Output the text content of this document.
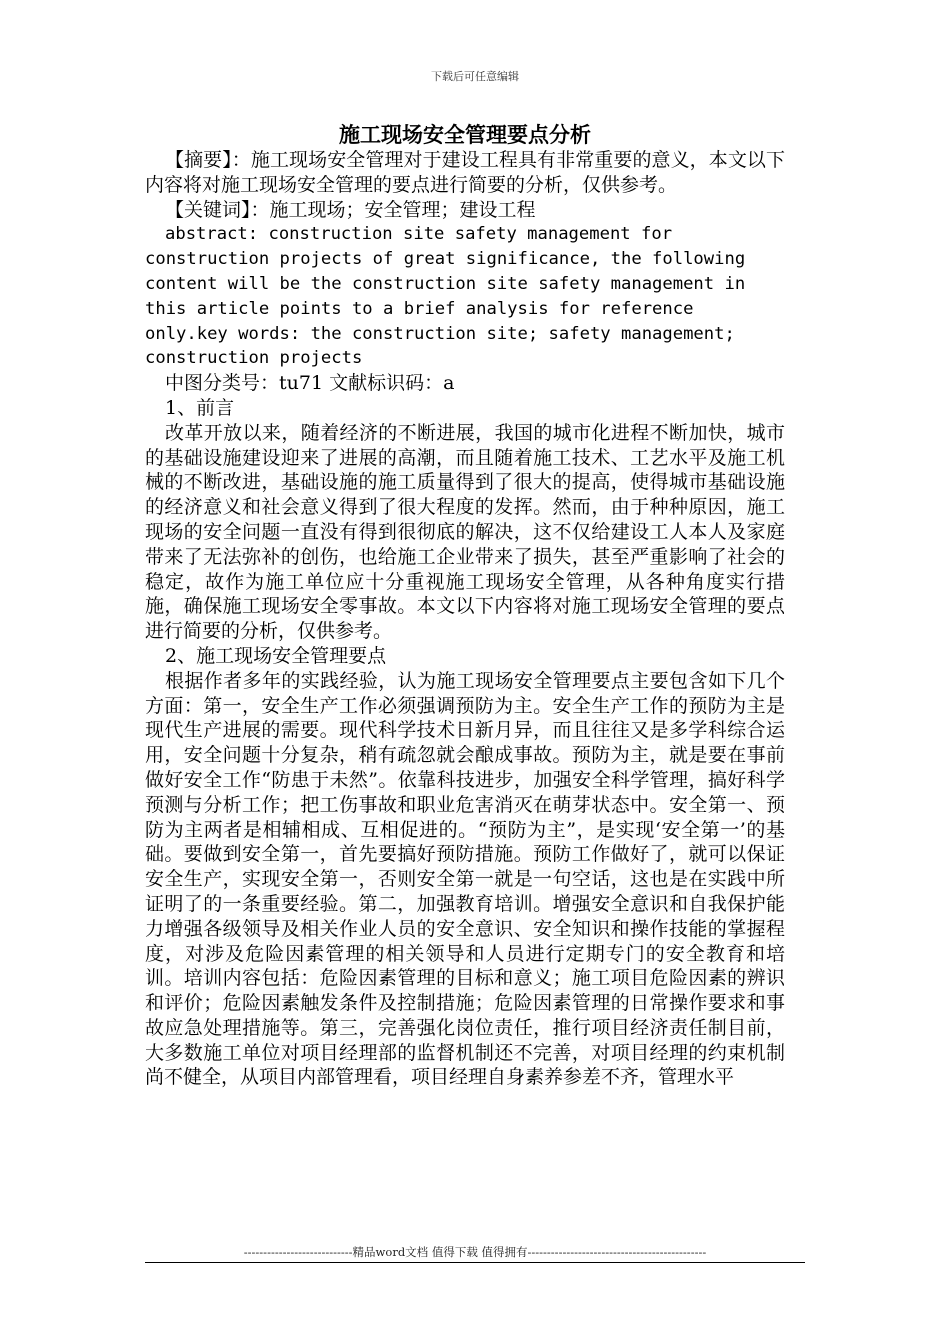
下载后可任意编辑
施工现场安全管理要点分析

【摘要】：施工现场安全管理对于建设工程具有非常重要的意义，本文以下内容将对施工现场安全管理的要点进行简要的分析，仅供参考。

【关键词】：施工现场；安全管理；建设工程

abstract: construction site safety management for construction projects of great significance, the following content will be the construction site safety management in this article points to a brief analysis for reference only.key words: the construction site; safety management; construction projects

中图分类号：tu71 文献标识码：a

1、前言

改革开放以来，随着经济的不断进展，我国的城市化进程不断加快，城市的基础设施建设迎来了进展的高潮，而且随着施工技术、工艺水平及施工机械的不断改进，基础设施的施工质量得到了很大的提高，使得城市基础设施的经济意义和社会意义得到了很大程度的发挥。然而，由于种种原因，施工现场的安全问题一直没有得到很彻底的解决，这不仅给建设工人本人及家庭带来了无法弥补的创伤，也给施工企业带来了损失，甚至严重影响了社会的稳定，故作为施工单位应十分重视施工现场安全管理，从各种角度实行措施，确保施工现场安全零事故。本文以下内容将对施工现场安全管理的要点进行简要的分析，仅供参考。

2、施工现场安全管理要点

根据作者多年的实践经验，认为施工现场安全管理要点主要包含如下几个方面：第一，安全生产工作必须强调预防为主。安全生产工作的预防为主是现代生产进展的需要。现代科学技术日新月异，而且往往又是多学科综合运用，安全问题十分复杂，稍有疏忽就会酿成事故。预防为主，就是要在事前做好安全工作“防患于未然”。依靠科技进步，加强安全科学管理，搞好科学预测与分析工作；把工伤事故和职业危害消灭在萌芽状态中。安全第一、预防为主两者是相辅相成、互相促进的。“预防为主”，是实现‘安全第一’的基础。要做到安全第一，首先要搞好预防措施。预防工作做好了，就可以保证安全生产，实现安全第一，否则安全第一就是一句空话，这也是在实践中所证明了的一条重要经验。第二，加强教育培训。增强安全意识和自我保护能力增强各级领导及相关作业人员的安全意识、安全知识和操作技能的掌握程度，对涉及危险因素管理的相关领导和人员进行定期专门的安全教育和培训。培训内容包括：危险因素管理的目标和意义；施工项目危险因素的辨识和评价；危险因素触发条件及控制措施；危险因素管理的日常操作要求和事故应急处理措施等。第三，完善强化岗位责任，推行项目经济责任制目前，大多数施工单位对项目经理部的监督机制还不完善，对项目经理的约束机制尚不健全，从项目内部管理看，项目经理自身素养参差不齐，管理水平

----------------------------精品word文档 值得下载 值得拥有----------------------------------------------
